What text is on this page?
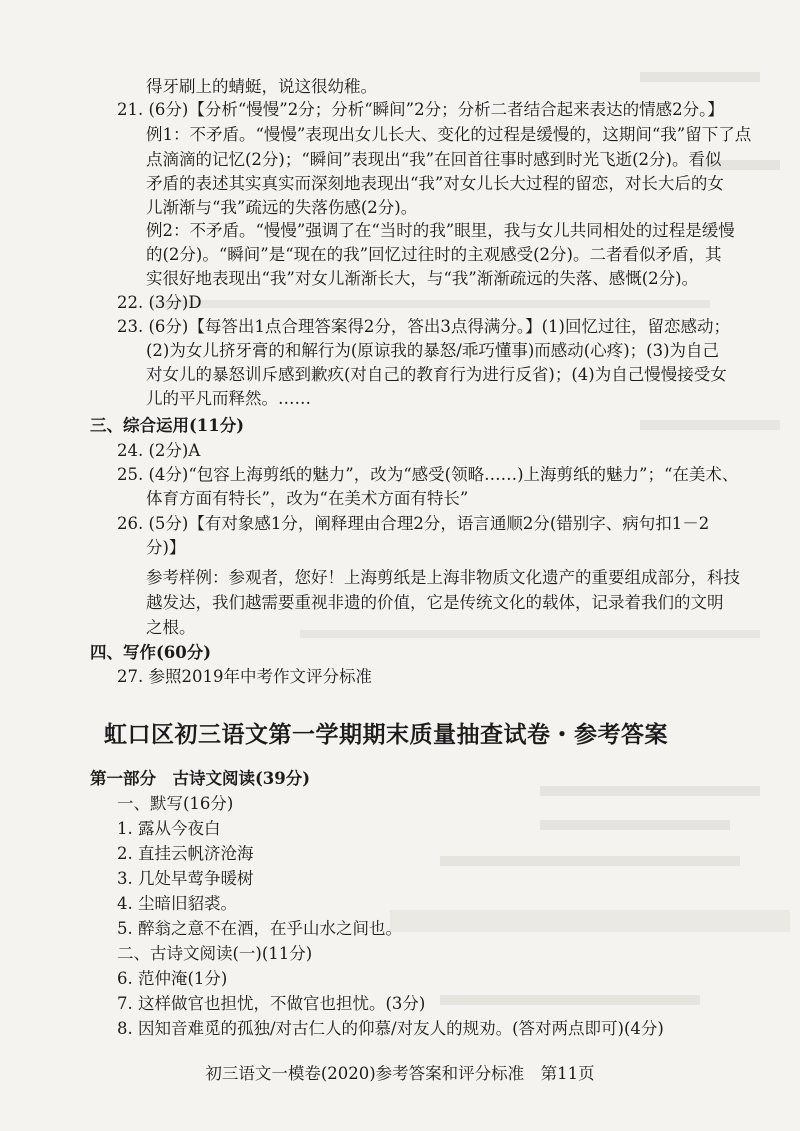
得牙刷上的蜻蜓，说这很幼稚。
21. (6分)【分析“慢慢”2分；分析“瞬间”2分；分析二者结合起来表达的情感2分。】
例1：不矛盾。“慢慢”表现出女儿长大、变化的过程是缓慢的，这期间“我”留下了点
点滴滴的记忆(2分)；“瞬间”表现出“我”在回首往事时感到时光飞逝(2分)。看似
矛盾的表述其实真实而深刻地表现出“我”对女儿长大过程的留恋，对长大后的女
儿渐渐与“我”疏远的失落伤感(2分)。
例2：不矛盾。“慢慢”强调了在“当时的我”眼里，我与女儿共同相处的过程是缓慢
的(2分)。“瞬间”是“现在的我”回忆过往时的主观感受(2分)。二者看似矛盾，其
实很好地表现出“我”对女儿渐渐长大，与“我”渐渐疏远的失落、感慨(2分)。
22. (3分)D
23. (6分)【每答出1点合理答案得2分，答出3点得满分。】(1)回忆过往，留恋感动；
(2)为女儿挤牙膏的和解行为(原谅我的暴怒/乖巧懂事)而感动(心疼)；(3)为自己
对女儿的暴怒训斥感到歉疚(对自己的教育行为进行反省)；(4)为自己慢慢接受女
儿的平凡而释然。……
三、综合运用(11分)
24. (2分)A
25. (4分)“包容上海剪纸的魅力”，改为“感受(领略……)上海剪纸的魅力”；“在美术、
体育方面有特长”，改为“在美术方面有特长”
26. (5分)【有对象感1分，阐释理由合理2分，语言通顺2分(错别字、病句扣1－2
分)】
参考样例：参观者，您好！上海剪纸是上海非物质文化遗产的重要组成部分，科技
越发达，我们越需要重视非遗的价值，它是传统文化的载体，记录着我们的文明
之根。
四、写作(60分)
27. 参照2019年中考作文评分标准
虹口区初三语文第一学期期末质量抽查试卷・参考答案
第一部分　古诗文阅读(39分)
一、默写(16分)
1. 露从今夜白
2. 直挂云帆济沧海
3. 几处早莺争暖树
4. 尘暗旧貂裘。
5. 醉翁之意不在酒，在乎山水之间也。
二、古诗文阅读(一)(11分)
6. 范仲淹(1分)
7. 这样做官也担忧，不做官也担忧。(3分)
8. 因知音难觅的孤独/对古仁人的仰慕/对友人的规劝。(答对两点即可)(4分)
初三语文一模卷(2020)参考答案和评分标准　第11页
